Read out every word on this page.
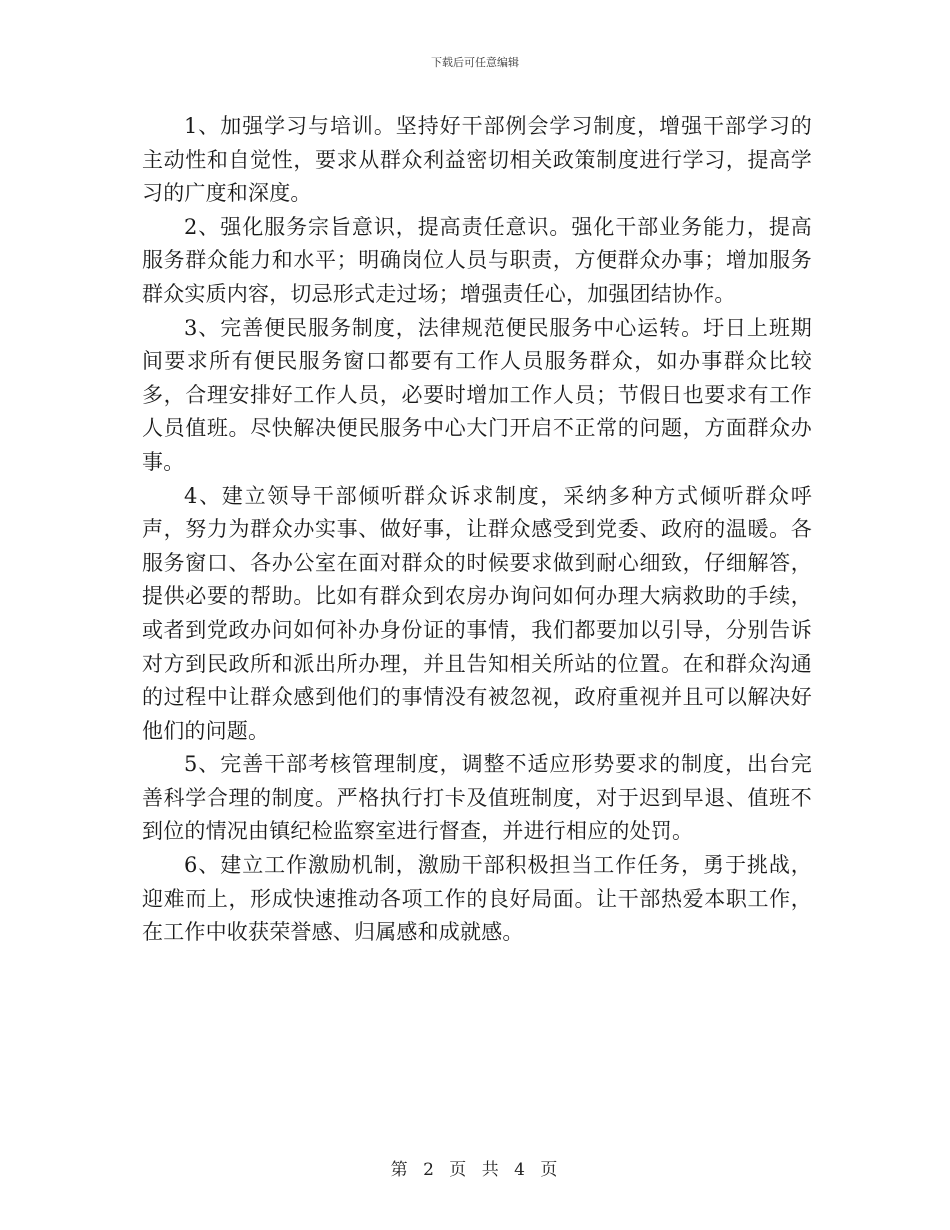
下载后可任意编辑

1、加强学习与培训。坚持好干部例会学习制度，增强干部学习的主动性和自觉性，要求从群众利益密切相关政策制度进行学习，提高学习的广度和深度。

2、强化服务宗旨意识，提高责任意识。强化干部业务能力，提高服务群众能力和水平；明确岗位人员与职责，方便群众办事；增加服务群众实质内容，切忌形式走过场；增强责任心，加强团结协作。

3、完善便民服务制度，法律规范便民服务中心运转。圩日上班期间要求所有便民服务窗口都要有工作人员服务群众，如办事群众比较多，合理安排好工作人员，必要时增加工作人员；节假日也要求有工作人员值班。尽快解决便民服务中心大门开启不正常的问题，方面群众办事。

4、建立领导干部倾听群众诉求制度，采纳多种方式倾听群众呼声，努力为群众办实事、做好事，让群众感受到党委、政府的温暖。各服务窗口、各办公室在面对群众的时候要求做到耐心细致，仔细解答，提供必要的帮助。比如有群众到农房办询问如何办理大病救助的手续，或者到党政办问如何补办身份证的事情，我们都要加以引导，分别告诉对方到民政所和派出所办理，并且告知相关所站的位置。在和群众沟通的过程中让群众感到他们的事情没有被忽视，政府重视并且可以解决好他们的问题。

5、完善干部考核管理制度，调整不适应形势要求的制度，出台完善科学合理的制度。严格执行打卡及值班制度，对于迟到早退、值班不到位的情况由镇纪检监察室进行督查，并进行相应的处罚。

6、建立工作激励机制，激励干部积极担当工作任务，勇于挑战，迎难而上，形成快速推动各项工作的良好局面。让干部热爱本职工作，在工作中收获荣誉感、归属感和成就感。

第 2 页 共 4 页
